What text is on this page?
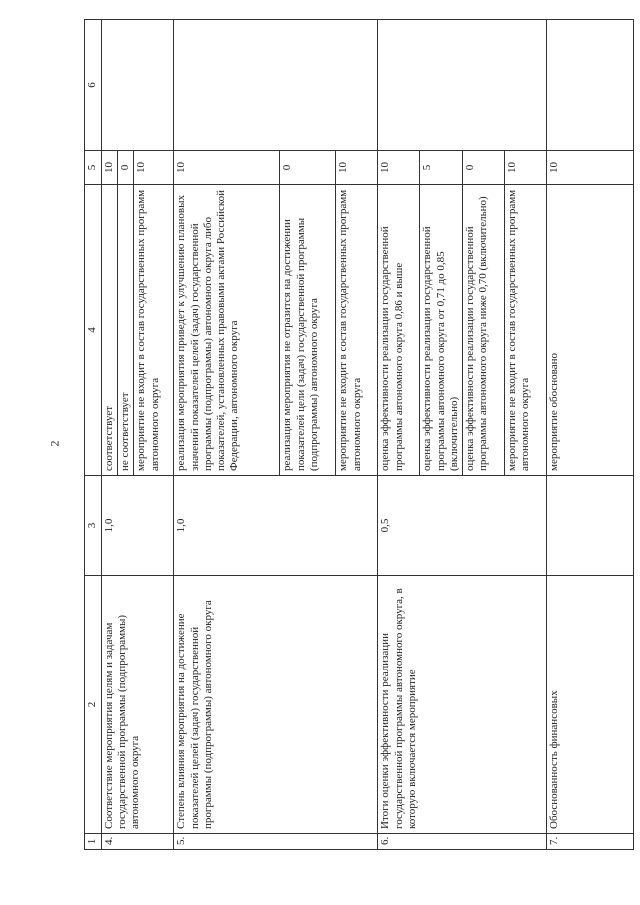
2
1	2	3	4	5	6
4.	Соответствие мероприятия целям и задачам государственной программы (подпрограммы) автономного округа	1,0	соответствует	10	
			не соответствует	0	
			мероприятие не входит в состав государственных программ автономного округа	10	
5.	Степень влияния мероприятия на достижение показателей целей (задач) государственной программы (подпрограммы) автономного округа	1,0	реализация мероприятия приведет к улучшению плановых значений показателей целей (задач) государственной программы (подпрограммы) автономного округа либо показателей, установленных правовыми актами Российской Федерации, автономного округа	10	
			реализация мероприятия не отразится на достижении показателей цели (задач) государственной программы (подпрограммы) автономного округа	0	
			мероприятие не входит в состав государственных программ автономного округа	10	
6.	Итоги оценки эффективности реализации государственной программы автономного округа, в которую включается мероприятие	0,5	оценка эффективности реализации государственной программы автономного округа 0,86 и выше	10	
			оценка эффективности реализации государственной программы автономного округа от 0,71 до 0,85 (включительно)	5	
			оценка эффективности реализации государственной программы автономного округа ниже 0,70 (включительно)	0	
			мероприятие не входит в состав государственных программ автономного округа	10	
7.	Обоснованность финансовых		мероприятие обосновано	10	
